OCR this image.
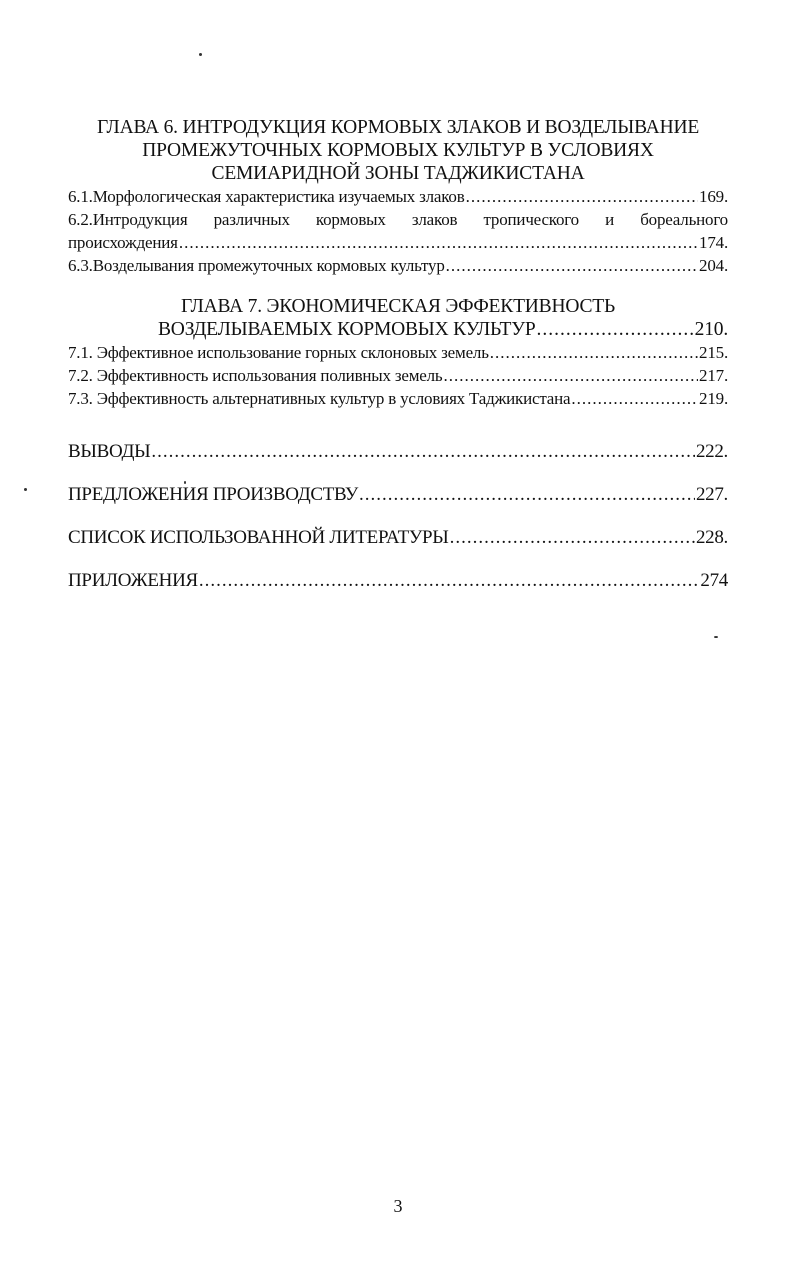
ГЛАВА 6. ИНТРОДУКЦИЯ КОРМОВЫХ ЗЛАКОВ И ВОЗДЕЛЫВАНИЕ

ПРОМЕЖУТОЧНЫХ КОРМОВЫХ КУЛЬТУР В УСЛОВИЯХ

СЕМИАРИДНОЙ ЗОНЫ ТАДЖИКИСТАНА

6.1.Морфологическая характеристика изучаемых злаков .....	169.
6.2.Интродукция различных кормовых злаков тропического и бореального
происхождения .....	174.
6.3.Возделывания промежуточных кормовых культур .....	204.

ГЛАВА 7. ЭКОНОМИЧЕСКАЯ ЭФФЕКТИВНОСТЬ

ВОЗДЕЛЫВАЕМЫХ КОРМОВЫХ КУЛЬТУР .....	210.
7.1. Эффективное использование горных склоновых земель .....	215.
7.2. Эффективность использования поливных земель .....	217.
7.3. Эффективность альтернативных культур в условиях Таджикистана .....	219.
ВЫВОДЫ .....	222.
ПРЕДЛОЖЕНИЯ ПРОИЗВОДСТВУ .....	227.
СПИСОК ИСПОЛЬЗОВАННОЙ ЛИТЕРАТУРЫ .....	228.
ПРИЛОЖЕНИЯ .....	274
3
